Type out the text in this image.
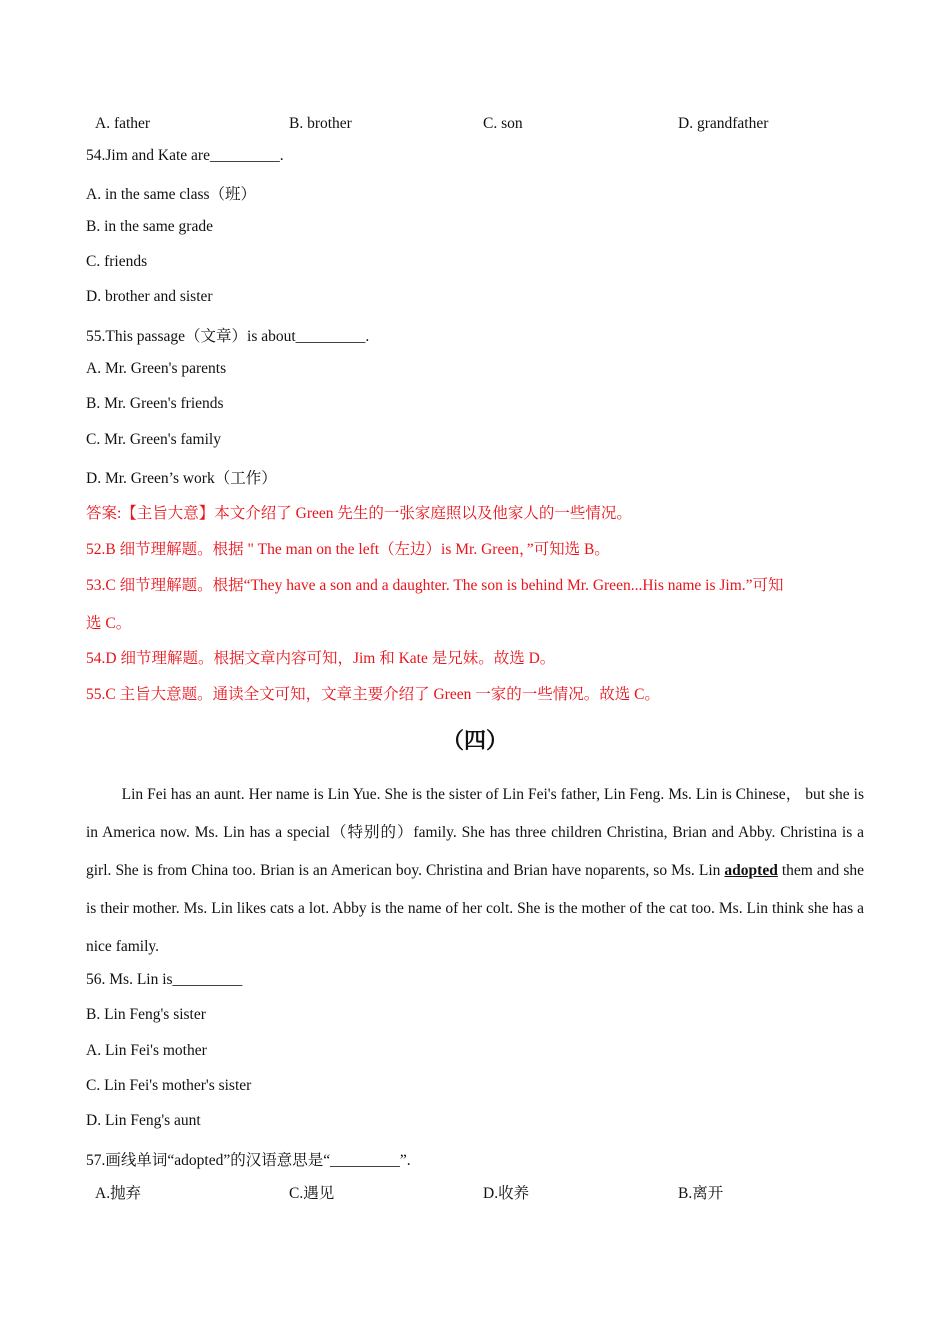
A. father	B. brother	C. son	D. grandfather
54.Jim and Kate are_________.
A. in the same class（班）
B. in the same grade
C. friends
D. brother and sister
55.This passage（文章）is about_________.
A. Mr. Green's parents
B. Mr. Green's friends
C. Mr. Green's family
D. Mr. Green’s work（工作）
答案:【主旨大意】本文介绍了 Green 先生的一张家庭照以及他家人的一些情况。
52.B 细节理解题。根据 " The man on the left（左边）is Mr. Green，”可知选 B。
53.C 细节理解题。根据“They have a son and a daughter. The son is behind Mr. Green...His name is Jim.”可知
选 C。
54.D 细节理解题。根据文章内容可知，Jim 和 Kate 是兄妹。故选 D。
55.C 主旨大意题。通读全文可知，文章主要介绍了 Green 一家的一些情况。故选 C。
（四）
Lin Fei has an aunt. Her name is Lin Yue. She is the sister of Lin Fei's father, Lin Feng. Ms. Lin is Chinese， but she is in America now. Ms. Lin has a special（特别的）family. She has three children Christina, Brian and Abby. Christina is a girl. She is from China too. Brian is an American boy. Christina and Brian have noparents, so Ms. Lin adopted them and she is their mother. Ms. Lin likes cats a lot. Abby is the name of her colt. She is the mother of the cat too. Ms. Lin think she has a nice family.
56. Ms. Lin is_________
B. Lin Feng's sister
A. Lin Fei's mother
C. Lin Fei's mother's sister
D. Lin Feng's aunt
57.画线单词“adopted”的汉语意思是“_________”.
A.抛弃	C.遇见	D.收养	B.离开
